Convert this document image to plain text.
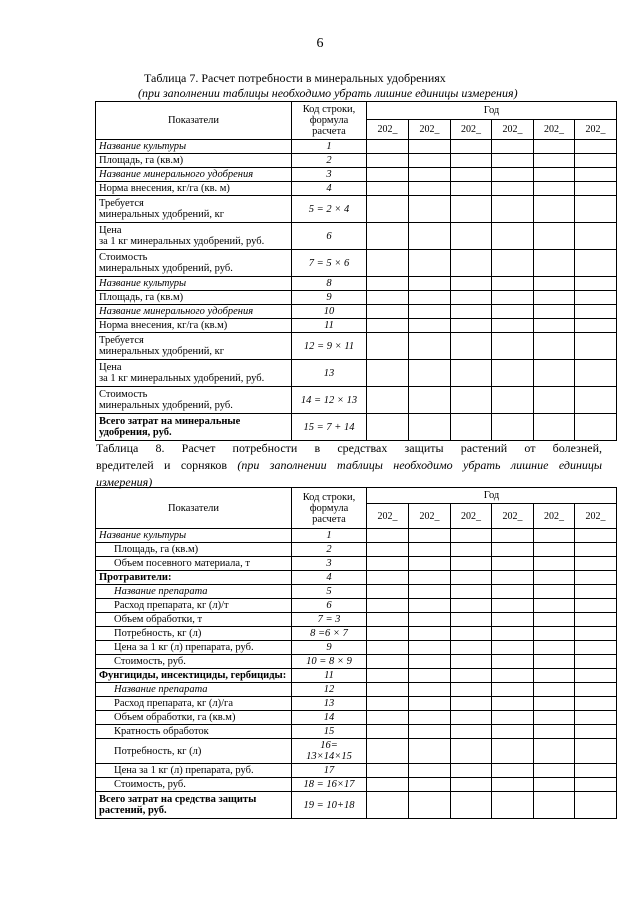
6
Таблица 7. Расчет потребности в минеральных удобрениях
(при заполнении таблицы необходимо убрать лишние единицы измерения)
Показатели	Код строки, формула расчета	Год					
		202_	202_	202_	202_	202_	202_
Название культуры	1						
Площадь, га (кв.м)	2						
Название минерального удобрения	3						
Норма внесения, кг/га (кв. м)	4						
Требуется
минеральных удобрений, кг	5 = 2 × 4						
Цена
за 1 кг минеральных удобрений, руб.	6						
Стоимость
минеральных удобрений, руб.	7 = 5 × 6						
Название культуры	8						
Площадь, га (кв.м)	9						
Название минерального удобрения	10						
Норма внесения, кг/га (кв.м)	11						
Требуется
минеральных удобрений, кг	12 = 9 × 11						
Цена
за 1 кг минеральных удобрений, руб.	13						
Стоимость
минеральных удобрений, руб.	14 = 12 × 13						
Всего затрат на минеральные удобрения, руб.	15 = 7 + 14						
Таблица 8. Расчет потребности в средствах защиты растений от болезней,
вредителей и сорняков (при заполнении таблицы необходимо убрать лишние единицы
измерения)
Показатели	Код строки, формула расчета	Год					
		202_	202_	202_	202_	202_	202_
Название культуры	1						
Площадь, га (кв.м)	2						
Объем посевного материала, т	3						
Протравители:	4						
Название препарата	5						
Расход препарата, кг (л)/т	6						
Объем обработки, т	7 = 3						
Потребность, кг (л)	8 =6 × 7						
Цена за 1 кг (л) препарата, руб.	9						
Стоимость, руб.	10 = 8 × 9						
Фунгициды, инсектициды, гербициды:	11						
Название препарата	12						
Расход препарата, кг (л)/га	13						
Объем обработки, га (кв.м)	14						
Кратность обработок	15						
Потребность, кг (л)	16=
13×14×15						
Цена за 1 кг (л) препарата, руб.	17						
Стоимость, руб.	18 = 16×17						
Всего затрат на средства защиты растений, руб.	19 = 10+18						
